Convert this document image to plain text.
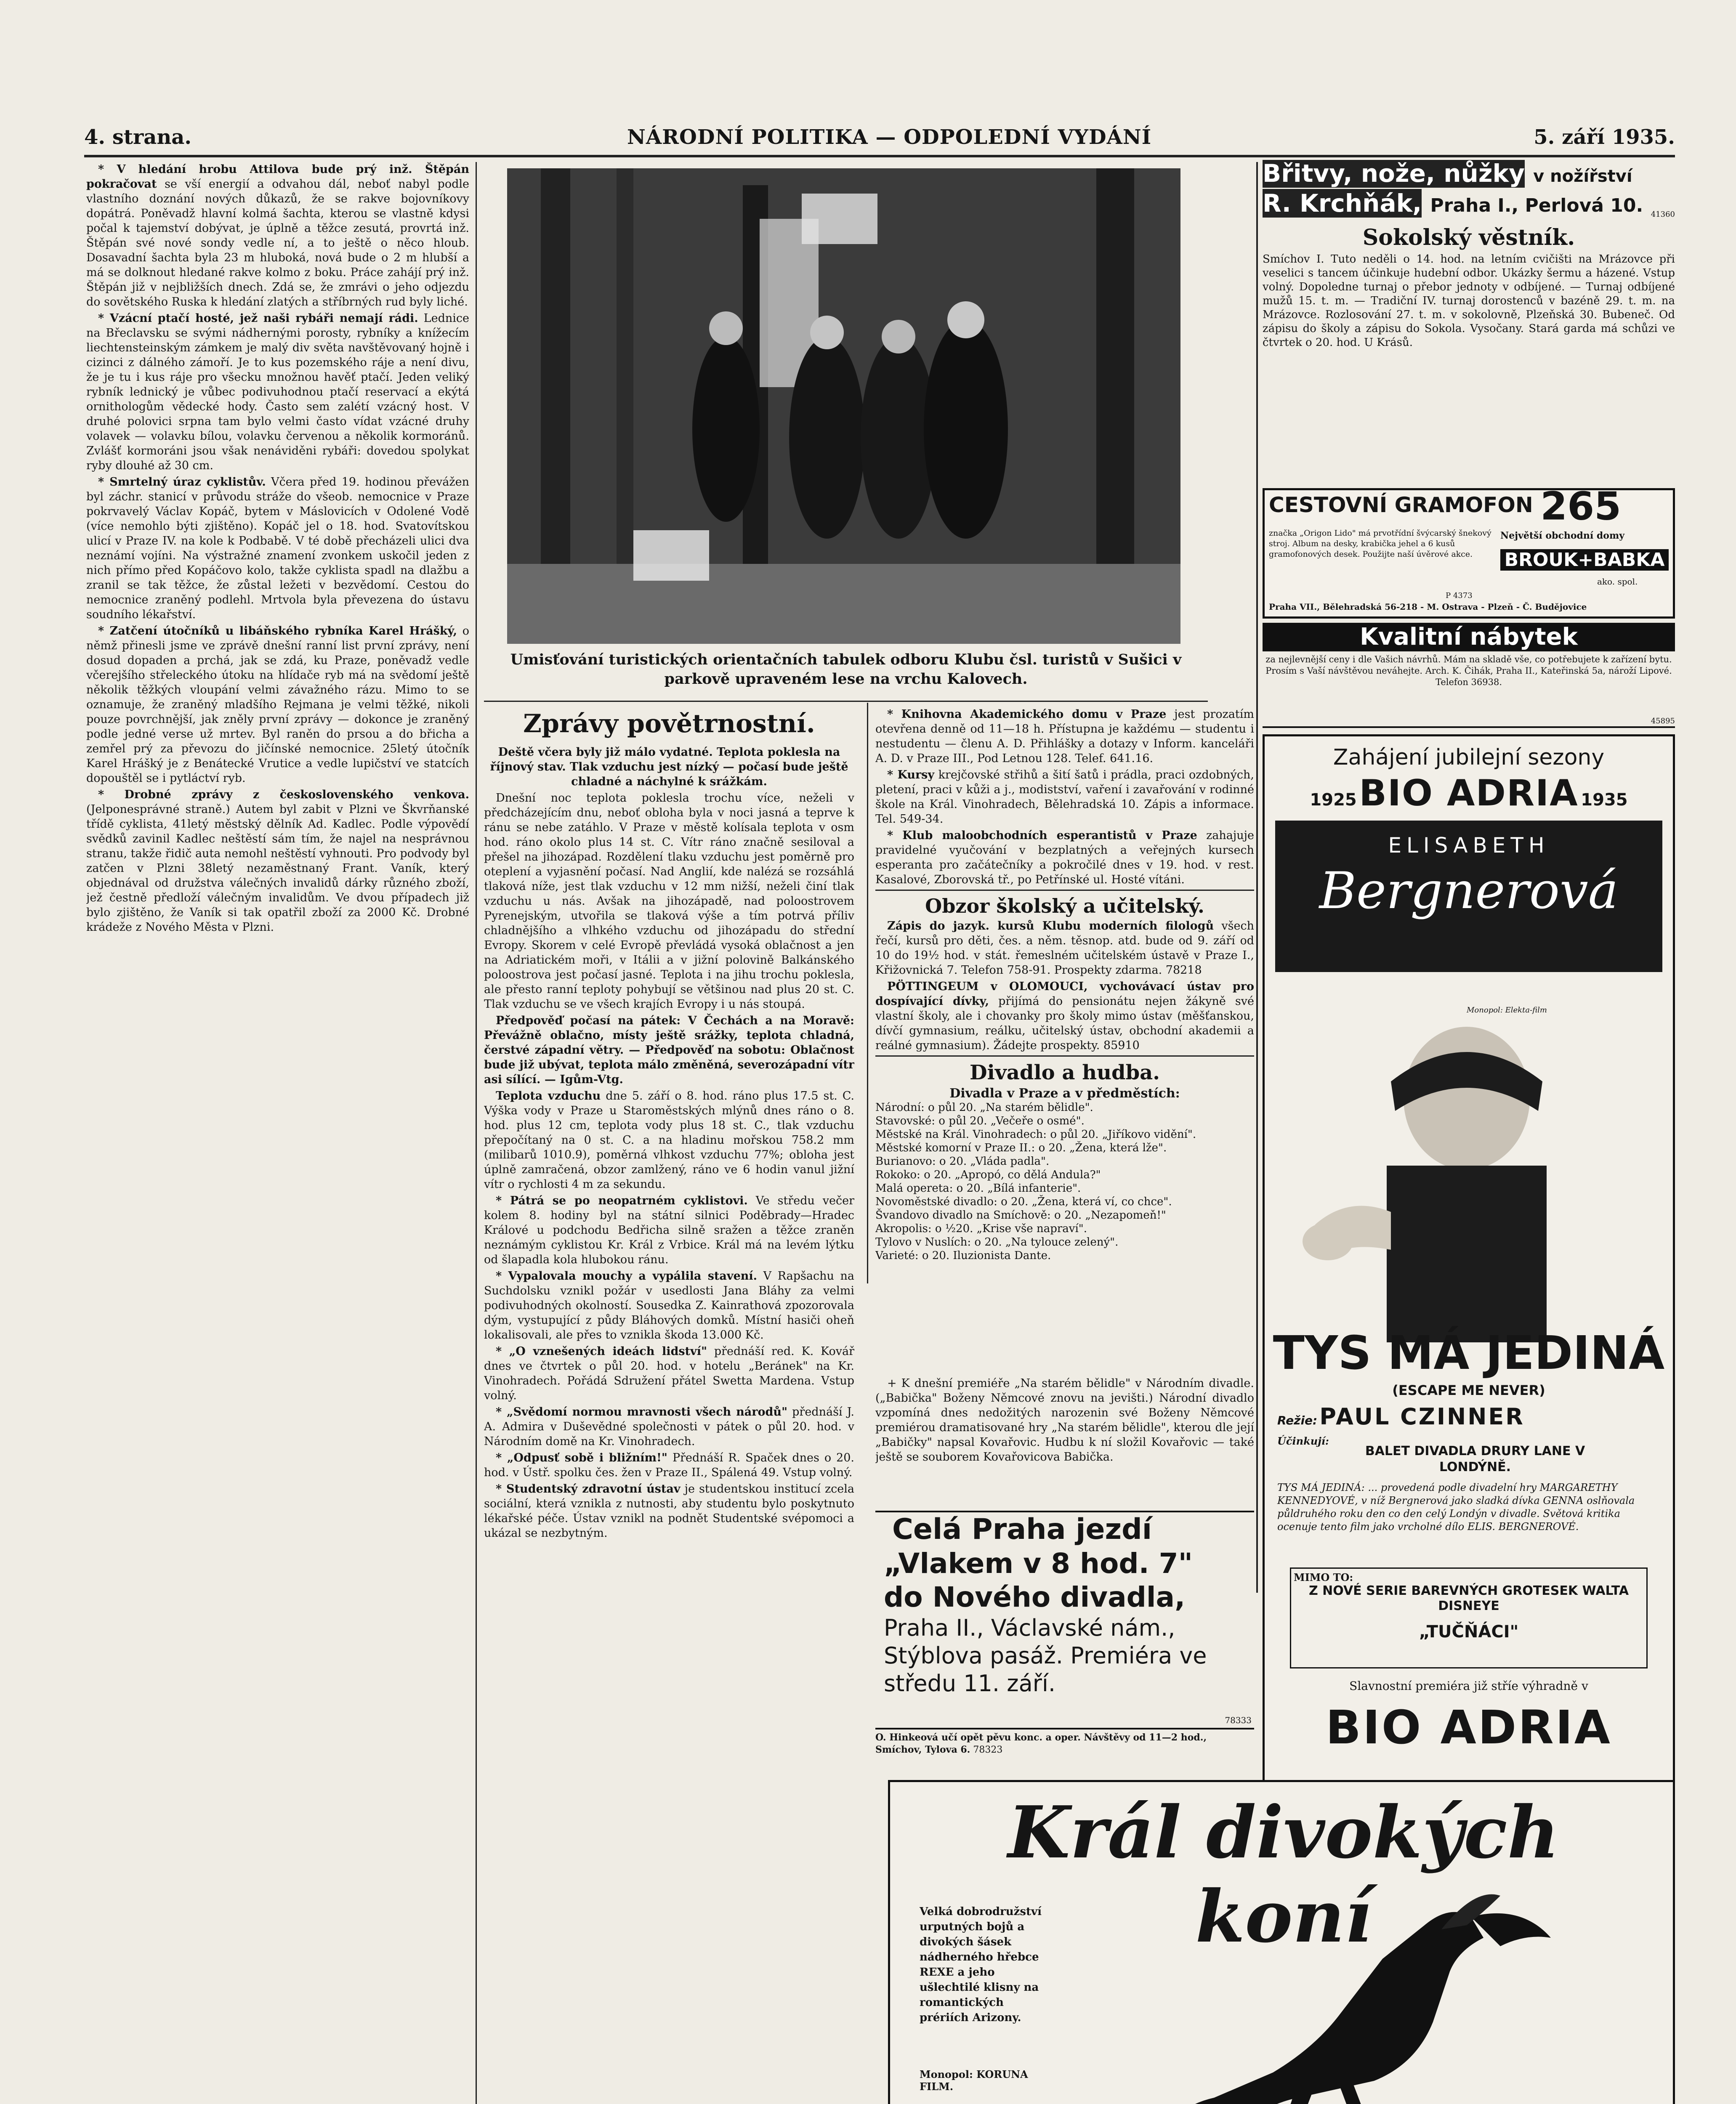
4. strana.	NÁRODNÍ POLITIKA — ODPOLEDNÍ VYDÁNÍ	5. září 1935.

* V hledání hrobu Attilova bude prý inž. Štěpán pokračovat se vší energií a odvahou dál, neboť nabyl podle vlastního doznání nových důkazů, že se rakve bojovníkovy dopátrá. Poněvadž hlavní kolmá šachta, kterou se vlastně kdysi počal k tajemství dobývat, je úplně a těžce zesutá, provrtá inž. Štěpán své nové sondy vedle ní, a to ještě o něco hloub. Dosavadní šachta byla 23 m hluboká, nová bude o 2 m hlubší a má se dolknout hledané rakve kolmo z boku. Práce zahájí prý inž. Štěpán již v nejbližších dnech. Zdá se, že zmrávi o jeho odjezdu do sovětského Ruska k hledání zlatých a stříbrných rud byly liché.

* Vzácní ptačí hosté, jež naši rybáři nemají rádi. Lednice na Břeclavsku se svými nádhernými porosty, rybníky a knížecím liechtensteinským zámkem je malý div světa navštěvovaný hojně i cizinci z dálného zámoří. Je to kus pozemského ráje a není divu, že je tu i kus ráje pro všecku množnou havěť ptačí. Jeden veliký rybník lednický je vůbec podivuhodnou ptačí reservací a ekýtá ornithologům vědecké hody. Často sem zalétí vzácný host. V druhé polovici srpna tam bylo velmi často vídat vzácné druhy volavek — volavku bílou, volavku červenou a několik kormoránů. Zvlášť kormoráni jsou však nenáviděni rybáři: dovedou spolykat ryby dlouhé až 30 cm.

* Smrtelný úraz cyklistův. Včera před 19. hodinou převážen byl záchr. stanicí v průvodu stráže do všeob. nemocnice v Praze pokrvavelý Václav Kopáč, bytem v Máslovicích v Odolené Vodě (více nemohlo býti zjištěno). Kopáč jel o 18. hod. Svatovítskou ulicí v Praze IV. na kole k Podbabě. V té době přecházeli ulici dva neznámí vojíni. Na výstražné znamení zvonkem uskočil jeden z nich přímo před Kopáčovo kolo, takže cyklista spadl na dlažbu a zranil se tak těžce, že zůstal ležeti v bezvědomí. Cestou do nemocnice zraněný podlehl. Mrtvola byla převezena do ústavu soudního lékařství.

* Zatčení útočníků u libáňského rybníka Karel Hrášký, o němž přinesli jsme ve zprávě dnešní ranní list první zprávy, není dosud dopaden a prchá, jak se zdá, ku Praze, poněvadž vedle včerejšího střeleckého útoku na hlídače ryb má na svědomí ještě několik těžkých vloupání velmi závažného rázu. Mimo to se oznamuje, že zraněný mladšího Rejmana je velmi těžké, nikoli pouze povrchnější, jak zněly první zprávy — dokonce je zraněný podle jedné verse už mrtev. Byl raněn do prsou a do břicha a zemřel prý za převozu do jičínské nemocnice. 25letý útočník Karel Hrášký je z Benátecké Vrutice a vedle lupičství ve statcích dopouštěl se i pytláctví ryb.

* Drobné zprávy z československého venkova. (Jelponesprávné straně.) Autem byl zabit v Plzni ve Škvrňanské třídě cyklista, 41letý městský dělník Ad. Kadlec. Podle výpovědí svědků zavinil Kadlec neštěstí sám tím, že najel na nesprávnou stranu, takže řidič auta nemohl neštěstí vyhnouti. Pro podvody byl zatčen v Plzni 38letý nezaměstnaný Frant. Vaník, který objednával od družstva válečných invalidů dárky různého zboží, jež čestně předloží válečným invalidům. Ve dvou případech již bylo zjištěno, že Vaník si tak opatřil zboží za 2000 Kč. Drobné krádeže z Nového Města v Plzni.

Umisťování turistických orientačních tabulek odboru Klubu čsl. turistů v Sušici v parkově upraveném lese na vrchu Kalovech.
Zprávy povětrnostní.

Deště včera byly již málo vydatné. Teplota poklesla na říjnový stav. Tlak vzduchu jest nízký — počasí bude ještě chladné a náchylné k srážkám.

Dnešní noc teplota poklesla trochu více, neželi v předcházejícím dnu, neboť obloha byla v noci jasná a teprve k ránu se nebe zatáhlo. V Praze v městě kolísala teplota v osm hod. ráno okolo plus 14 st. C. Vítr ráno značně sesiloval a přešel na jihozápad. Rozdělení tlaku vzduchu jest poměrně pro oteplení a vyjasnění počasí. Nad Anglií, kde nalézá se rozsáhlá tlaková níže, jest tlak vzduchu v 12 mm nižší, neželi činí tlak vzduchu u nás. Avšak na jihozápadě, nad poloostrovem Pyrenejským, utvořila se tlaková výše a tím potrvá příliv chladnějšího a vlhkého vzduchu od jihozápadu do střední Evropy. Skorem v celé Evropě převládá vysoká oblačnost a jen na Adriatickém moři, v Itálii a v jižní polovině Balkánského poloostrova jest počasí jasné. Teplota i na jihu trochu poklesla, ale přesto ranní teploty pohybují se většinou nad plus 20 st. C. Tlak vzduchu se ve všech krajích Evropy i u nás stoupá.

Předpověď počasí na pátek: V Čechách a na Moravě: Převážně oblačno, místy ještě srážky, teplota chladná, čerstvé západní větry. — Předpověď na sobotu: Oblačnost bude již ubývat, teplota málo změněná, severozápadní vítr asi sílící. — Igům-Vtg.

Teplota vzduchu dne 5. září o 8. hod. ráno plus 17.5 st. C. Výška vody v Praze u Staroměstských mlýnů dnes ráno o 8. hod. plus 12 cm, teplota vody plus 18 st. C., tlak vzduchu přepočítaný na 0 st. C. a na hladinu mořskou 758.2 mm (milibarů 1010.9), poměrná vlhkost vzduchu 77%; obloha jest úplně zamračená, obzor zamlžený, ráno ve 6 hodin vanul jižní vítr o rychlosti 4 m za sekundu.

* Pátrá se po neopatrném cyklistovi. Ve středu večer kolem 8. hodiny byl na státní silnici Poděbrady—Hradec Králové u podchodu Bedřicha silně sražen a těžce zraněn neznámým cyklistou Kr. Král z Vrbice. Král má na levém lýtku od šlapadla kola hlubokou ránu.

* Vypalovala mouchy a vypálila stavení. V Rapšachu na Suchdolsku vznikl požár v usedlosti Jana Bláhy za velmi podivuhodných okolností. Sousedka Z. Kainrathová zpozorovala dým, vystupující z půdy Bláhových domků. Místní hasiči oheň lokalisovali, ale přes to vznikla škoda 13.000 Kč.

* „O vznešených ideách lidství" přednáší red. K. Kovář dnes ve čtvrtek o půl 20. hod. v hotelu „Beránek" na Kr. Vinohradech. Pořádá Sdružení přátel Swetta Mardena. Vstup volný.

* „Svědomí normou mravnosti všech národů" přednáší J. A. Admira v Duševědné společnosti v pátek o půl 20. hod. v Národním domě na Kr. Vinohradech.

* „Odpusť sobě i bližním!" Přednáší R. Spaček dnes o 20. hod. v Ústř. spolku čes. žen v Praze II., Spálená 49. Vstup volný.

* Studentský zdravotní ústav je studentskou institucí zcela sociální, která vznikla z nutnosti, aby studentu bylo poskytnuto lékařské péče. Ústav vznikl na podnět Studentské svépomoci a ukázal se nezbytným.

* Knihovna Akademického domu v Praze jest prozatím otevřena denně od 11—18 h. Přístupna je každému — studentu i nestudentu — členu A. D. Přihlášky a dotazy v Inform. kanceláři A. D. v Praze III., Pod Letnou 128. Telef. 641.16.

* Kursy krejčovské střihů a šití šatů i prádla, praci ozdobných, pletení, praci v kůži a j., modistství, vaření i zavařování v rodinné škole na Král. Vinohradech, Bělehradská 10. Zápis a informace. Tel. 549-34.

* Klub maloobchodních esperantistů v Praze zahajuje pravidelné vyučování v bezplatných a veřejných kursech esperanta pro začátečníky a pokročilé dnes v 19. hod. v rest. Kasalové, Zborovská tř., po Petřínské ul. Hosté vítáni.

Obzor školský a učitelský.

Zápis do jazyk. kursů Klubu moderních filologů všech řečí, kursů pro děti, čes. a něm. těsnop. atd. bude od 9. září od 10 do 19½ hod. v stát. řemeslném učitelském ústavě v Praze I., Křižovnická 7. Telefon 758-91. Prospekty zdarma. 78218

PÖTTINGEUM v OLOMOUCI, vychovávací ústav pro dospívající dívky, přijímá do pensionátu nejen žákyně své vlastní školy, ale i chovanky pro školy mimo ústav (měšťanskou, dívčí gymnasium, reálku, učitelský ústav, obchodní akademii a reálné gymnasium). Žádejte prospekty. 85910

Divadlo a hudba.
Divadla v Praze a v předměstích:
Národní: o půl 20. „Na starém bělidle".
Stavovské: o půl 20. „Večeře o osmé".
Městské na Král. Vinohradech: o půl 20. „Jiříkovo vidění".
Městské komorní v Praze II.: o 20. „Žena, která lže".
Burianovo: o 20. „Vláda padla".
Rokoko: o 20. „Apropó, co dělá Andula?"
Malá opereta: o 20. „Bílá infanterie".
Novoměstské divadlo: o 20. „Žena, která ví, co chce".
Švandovo divadlo na Smíchově: o 20. „Nezapomeň!"
Akropolis: o ½20. „Krise vše napraví".
Tylovo v Nuslích: o 20. „Na tylouce zelený".
Varieté: o 20. Iluzionista Dante.

+ K dnešní premiéře „Na starém bělidle" v Národním divadle. („Babička" Boženy Němcové znovu na jevišti.) Národní divadlo vzpomíná dnes nedožitých narozenin své Boženy Němcové premiérou dramatisované hry „Na starém bělidle", kterou dle její „Babičky" napsal Kovařovic. Hudbu k ní složil Kovařovic — také ještě se souborem Kovařovicova Babička.

Celá Praha jezdí
„Vlakem v 8 hod. 7"
do Nového divadla,
Praha II., Václavské nám.,
Stýblova pasáž. Premiéra ve
středu 11. září.
78333
O. Hinkeová učí opět pěvu konc. a oper. Návštěvy od 11—2 hod., Smíchov, Tylova 6. 78323
Břitvy, nože, nůžky v nožířství
R. Krchňák, Praha I., Perlová 10.	41360
Sokolský věstník.
Smíchov I. Tuto neděli o 14. hod. na letním cvičišti na Mrázovce při veselici s tancem účinkuje hudební odbor. Ukázky šermu a házené. Vstup volný. Dopoledne turnaj o přebor jednoty v odbíjené. — Turnaj odbíjené mužů 15. t. m. — Tradiční IV. turnaj dorostenců v bazéně 29. t. m. na Mrázovce. Rozlosování 27. t. m. v sokolovně, Plzeňská 30. Bubeneč. Od zápisu do školy a zápisu do Sokola. Vysočany. Stará garda má schůzi ve čtvrtek o 20. hod. U Krásů.
CESTOVNÍ GRAMOFON 265
značka „Origon Lido" má prvotřídní švýcarský šnekový stroj. Album na desky, krabička jehel a 6 kusů gramofonových desek. Použijte naší úvěrové akce.
P 4373
Největší obchodní domy
BROUK+BABKA
ako. spol.
Praha VII., Bělehradská 56-218 - M. Ostrava - Plzeň - Č. Budějovice
Kvalitní nábytek
za nejlevnější ceny i dle Vašich návrhů. Mám na skladě vše, co potřebujete k zařízení bytu. Prosím s Vaší návštěvou neváhejte. Arch. K. Čihák, Praha II., Kateřinská 5a, nároží Lipové. Telefon 36938.
45895
Zahájení jubilejní sezony
1925 BIO ADRIA 1935
ELISABETH
Bergnerová
Monopol: Elekta-film
TYS MÁ JEDINÁ
(ESCAPE ME NEVER)
Režie: PAUL CZINNER
Účinkují:
BALET DIVADLA DRURY LANE V LONDÝNĚ.
TYS MÁ JEDINÁ: ... provedená podle divadelní hry MARGARETHY KENNEDYOVÉ, v níž Bergnerová jako sladká dívka GENNA oslňovala půldruhého roku den co den celý Londýn v divadle. Světová kritika ocenuje tento film jako vrcholné dílo ELIS. BERGNEROVÉ.
MIMO TO:
Z NOVÉ SERIE BAREVNÝCH GROTESEK WALTA DISNEYE
„TUČŇÁCI"
Slavnostní premiéra již stříe výhradně v
BIO ADRIA
Král divokých koní
Velká dobrodružství urputných bojů a divokých šásek nádherného hřebce REXE a jeho ušlechtilé klisny na romantických prériích Arizony.
Monopol: KORUNA FILM.
